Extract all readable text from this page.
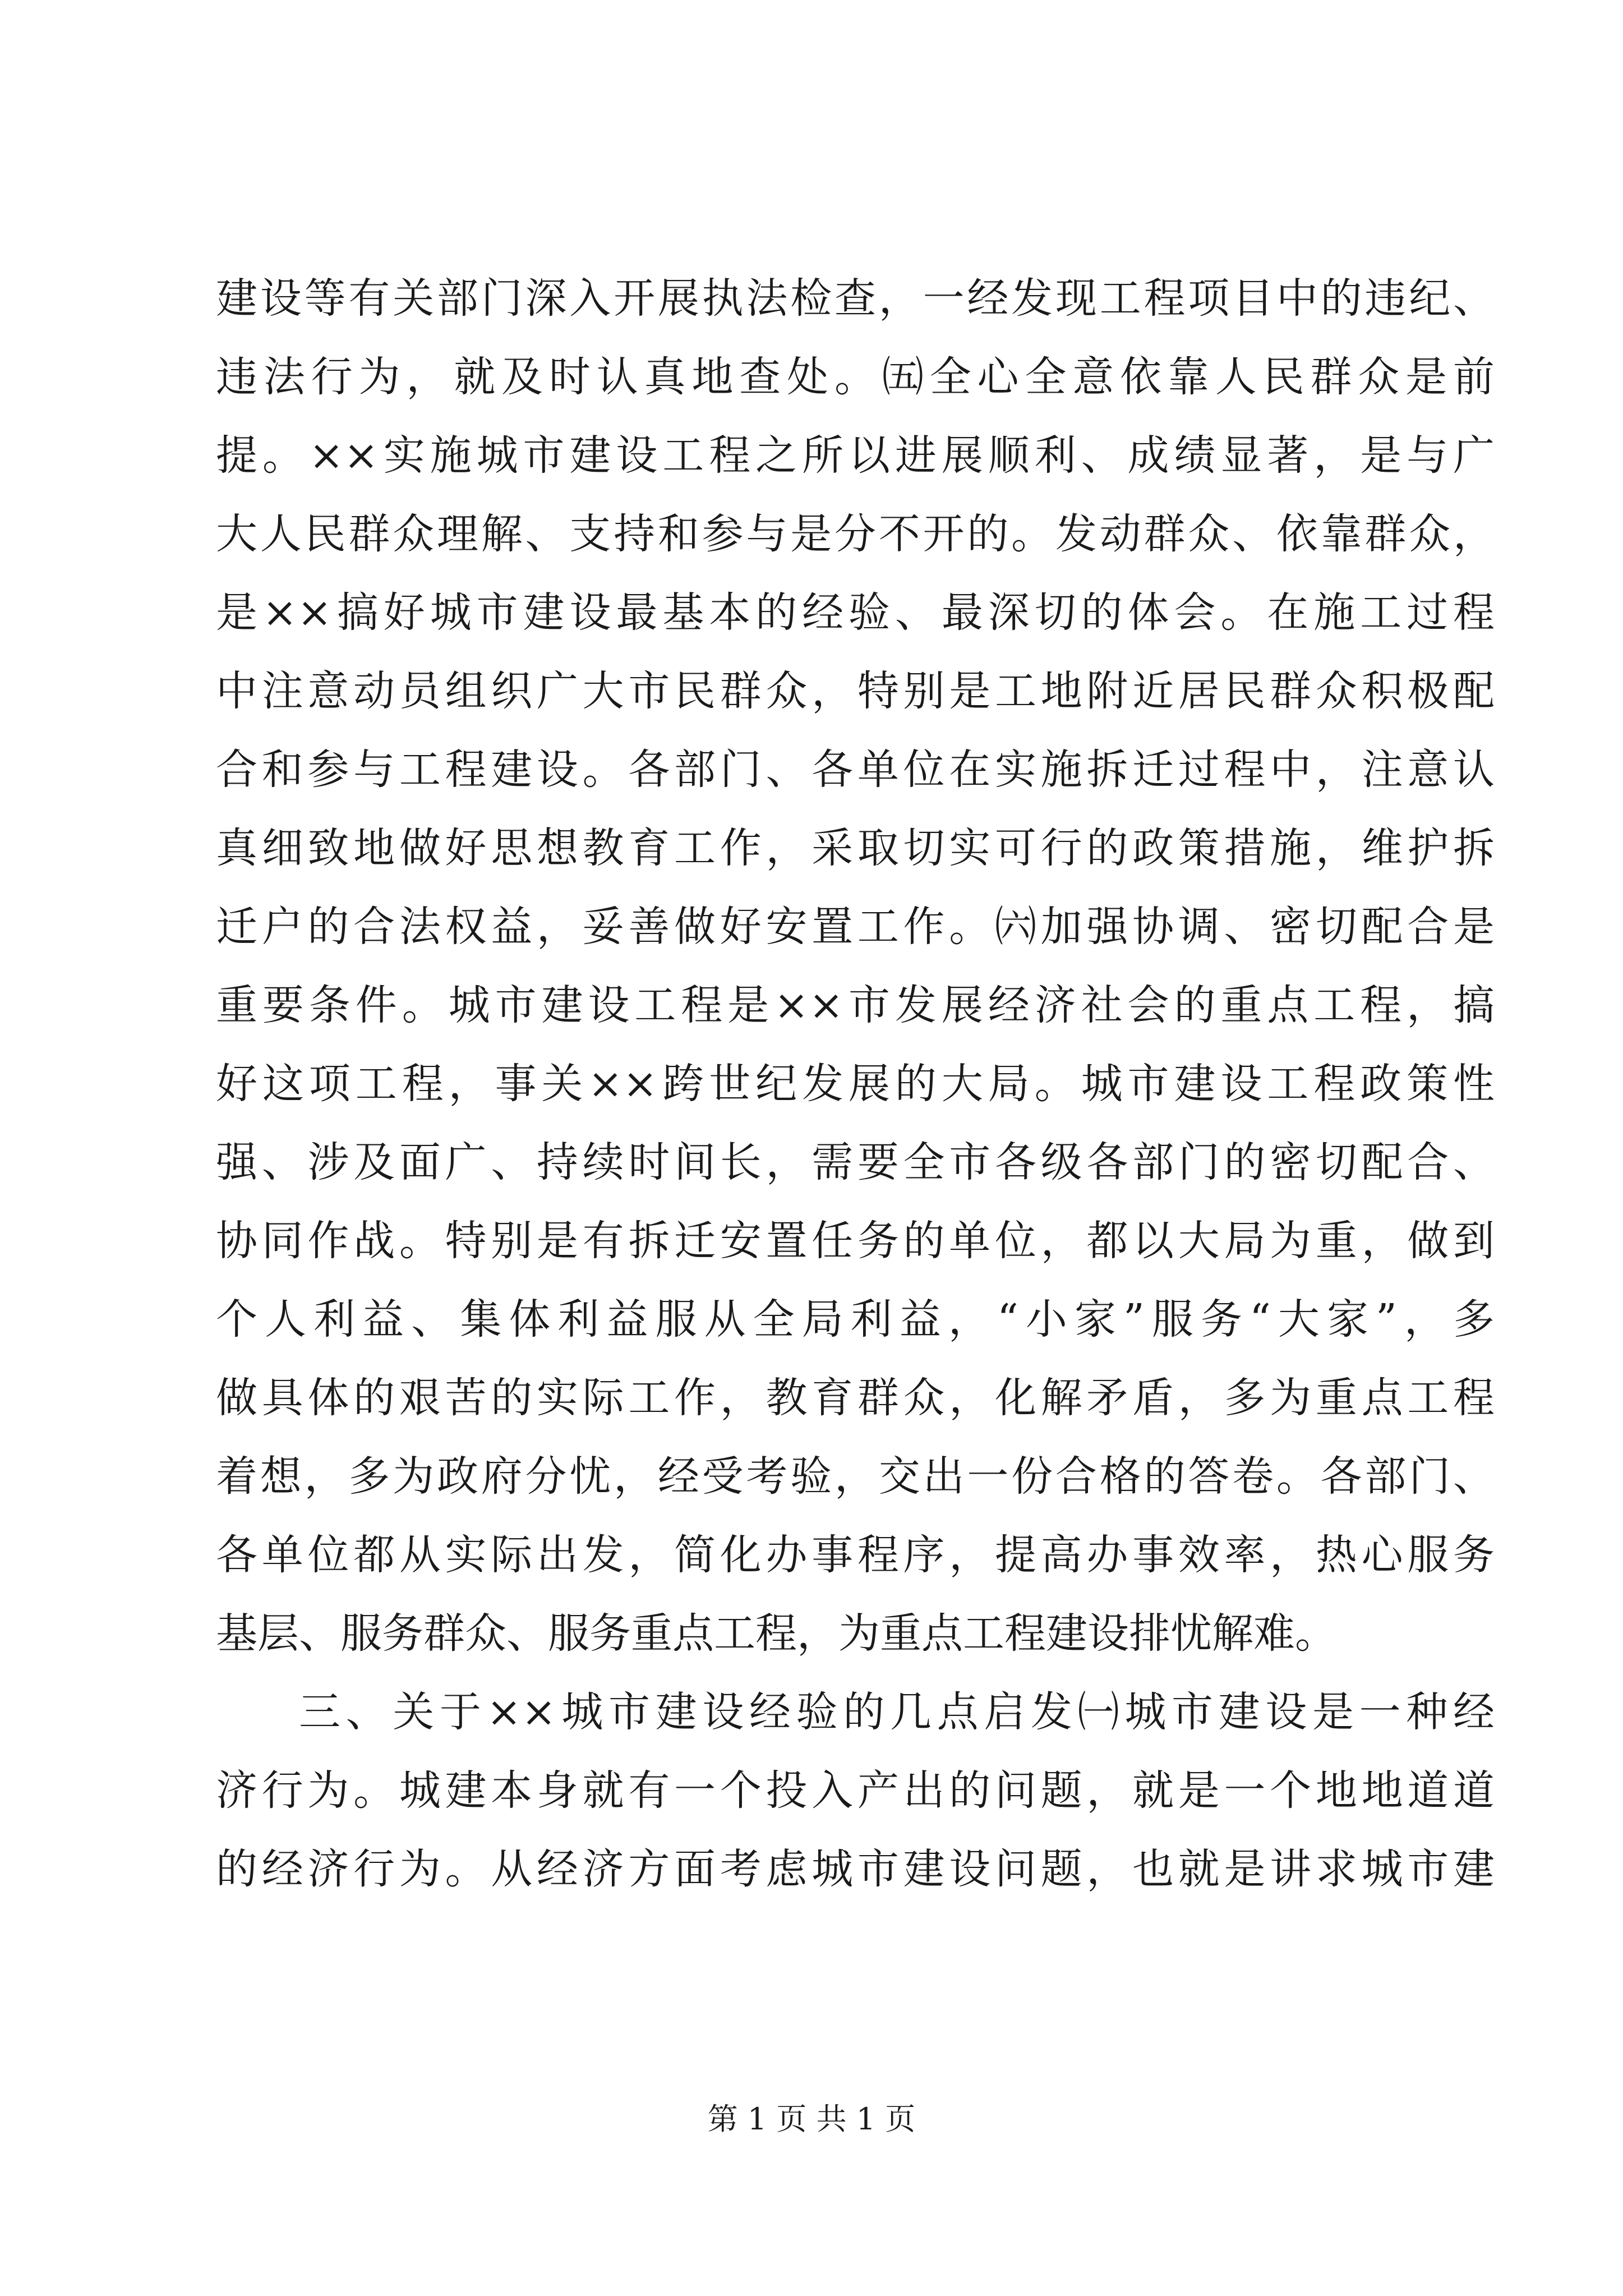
建设等有关部门深入开展执法检查，一经发现工程项目中的违纪、
违法行为，就及时认真地查处。㈤全心全意依靠人民群众是前
提。××实施城市建设工程之所以进展顺利、成绩显著，是与广
大人民群众理解、支持和参与是分不开的。发动群众、依靠群众，
是××搞好城市建设最基本的经验、最深切的体会。在施工过程
中注意动员组织广大市民群众，特别是工地附近居民群众积极配
合和参与工程建设。各部门、各单位在实施拆迁过程中，注意认
真细致地做好思想教育工作，采取切实可行的政策措施，维护拆
迁户的合法权益，妥善做好安置工作。㈥加强协调、密切配合是
重要条件。城市建设工程是××市发展经济社会的重点工程，搞
好这项工程，事关××跨世纪发展的大局。城市建设工程政策性
强、涉及面广、持续时间长，需要全市各级各部门的密切配合、
协同作战。特别是有拆迁安置任务的单位，都以大局为重，做到
个人利益、集体利益服从全局利益，“小家”服务“大家”，多
做具体的艰苦的实际工作，教育群众，化解矛盾，多为重点工程
着想，多为政府分忧，经受考验，交出一份合格的答卷。各部门、
各单位都从实际出发，简化办事程序，提高办事效率，热心服务
基层、服务群众、服务重点工程，为重点工程建设排忧解难。
三、关于××城市建设经验的几点启发㈠城市建设是一种经
济行为。城建本身就有一个投入产出的问题，就是一个地地道道
的经济行为。从经济方面考虑城市建设问题，也就是讲求城市建
第 1 页 共 1 页
